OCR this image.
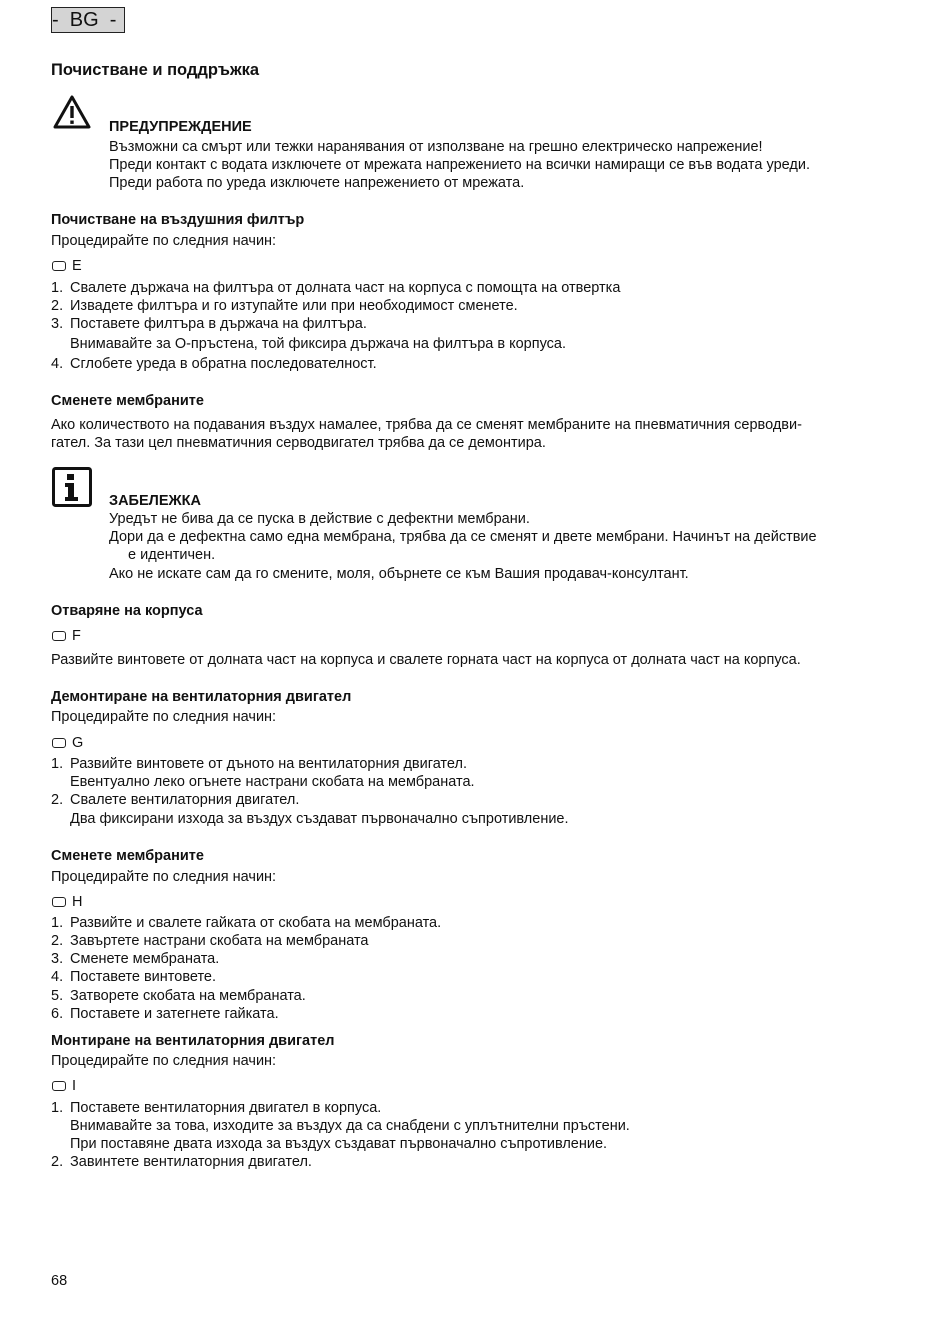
-  BG  -
Почистване и поддръжка
ПРЕДУПРЕЖДЕНИЕ
Възможни са смърт или тежки наранявания от използване на грешно електрическо напрежение!
Преди контакт с водата изключете от мрежата напрежението на всички намиращи се във водата уреди.
Преди работа по уреда изключете напрежението от мрежата.
Почистване на въздушния филтър
Процедирайте по следния начин:
E
1. Свалете държача на филтъра от долната част на корпуса с помощта на отвертка
2. Извадете филтъра и го изтупайте или при необходимост сменете.
3. Поставете филтъра в държача на филтъра.
Внимавайте за О-пръстена, той фиксира държача на филтъра в корпуса.
4. Сглобете уреда в обратна последователност.
Сменете мембраните
Ако количеството на подавания въздух намалее, трябва да се сменят мембраните на пневматичния серводви-
гател. За тази цел пневматичния серводвигател трябва да се демонтира.
ЗАБЕЛЕЖКА
Уредът не бива да се пуска в действие с дефектни мембрани.
Дори да е дефектна само една мембрана, трябва да се сменят и двете мембрани. Начинът на действие
е идентичен.
Ако не искате сам да го смените, моля, обърнете се към Вашия продавач-консултант.
Отваряне на корпуса
F
Развийте винтовете от долната част на корпуса и свалете горната част на корпуса от долната част на корпуса.
Демонтиране на вентилаторния двигател
Процедирайте по следния начин:
G
1. Развийте винтовете от дъното на вентилаторния двигател.
Евентуално леко огънете настрани скобата на мембраната.
2. Свалете вентилаторния двигател.
Два фиксирани изхода за въздух създават първоначално съпротивление.
Сменете мембраните
Процедирайте по следния начин:
H
1. Развийте и свалете гайката от скобата на мембраната.
2. Завъртете настрани скобата на мембраната
3. Сменете мембраната.
4. Поставете винтовете.
5. Затворете скобата на мембраната.
6. Поставете и затегнете гайката.
Монтиране на вентилаторния двигател
Процедирайте по следния начин:
I
1. Поставете вентилаторния двигател в корпуса.
Внимавайте за това, изходите за въздух да са снабдени с уплътнителни пръстени.
При поставяне двата изхода за въздух създават първоначално съпротивление.
2. Завинтете вентилаторния двигател.
68
